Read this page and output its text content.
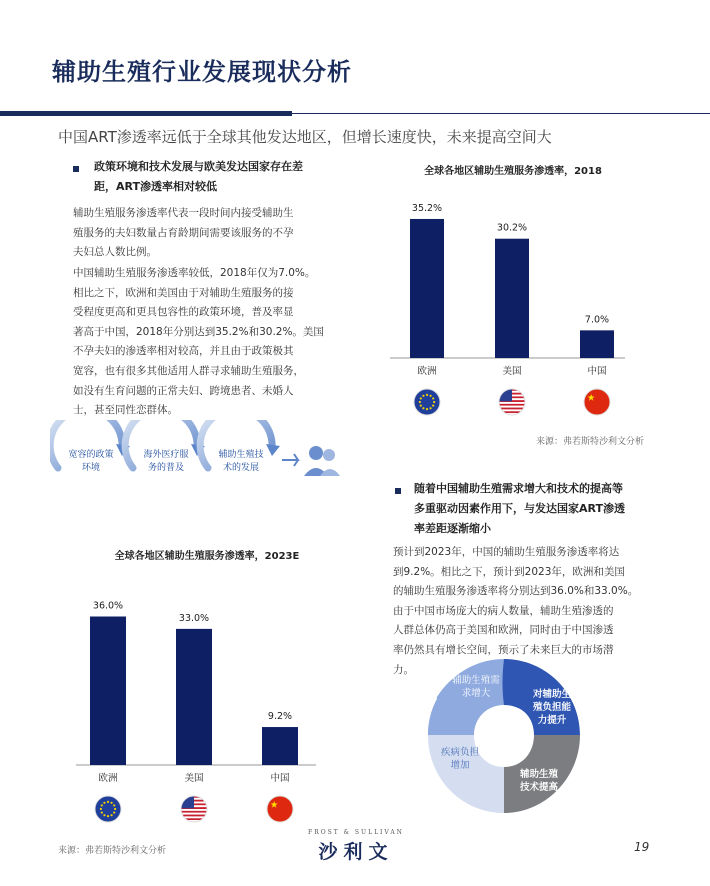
辅助生殖行业发展现状分析
中国ART渗透率远低于全球其他发达地区，但增长速度快，未来提高空间大
政策环境和技术发展与欧美发达国家存在差
距，ART渗透率相对较低
辅助生殖服务渗透率代表一段时间内接受辅助生
殖服务的夫妇数量占育龄期间需要该服务的不孕
夫妇总人数比例。
中国辅助生殖服务渗透率较低，2018年仅为7.0%。
相比之下，欧洲和美国由于对辅助生殖服务的接
受程度更高和更具包容性的政策环境，普及率显
著高于中国，2018年分别达到35.2%和30.2%。美国
不孕夫妇的渗透率相对较高，并且由于政策极其
宽容，也有很多其他适用人群寻求辅助生殖服务，
如没有生育问题的正常夫妇、跨境患者、未婚人
士，甚至同性恋群体。
宽容的政策
环境
海外医疗服
务的普及
辅助生殖技
术的发展
全球各地区辅助生殖服务渗透率，2018
35.2%
欧洲
30.2%
美国
7.0%
中国
来源：弗若斯特沙利文分析
随着中国辅助生殖需求增大和技术的提高等
多重驱动因素作用下，与发达国家ART渗透
率差距逐渐缩小
预计到2023年，中国的辅助生殖服务渗透率将达
到9.2%。相比之下，预计到2023年，欧洲和美国
的辅助生殖服务渗透率将分别达到36.0%和33.0%。
由于中国市场庞大的病人数量，辅助生殖渗透的
人群总体仍高于美国和欧洲，同时由于中国渗透
率仍然具有增长空间，预示了未来巨大的市场潜
力。
全球各地区辅助生殖服务渗透率，2023E
36.0%
欧洲
33.0%
美国
9.2%
中国
辅助生殖需
求增大	对辅助生
殖负担能
力提升
辅助生殖
技术提高
疾病负担
增加
来源：弗若斯特沙利文分析
FROST & SULLIVAN
沙利文	19
